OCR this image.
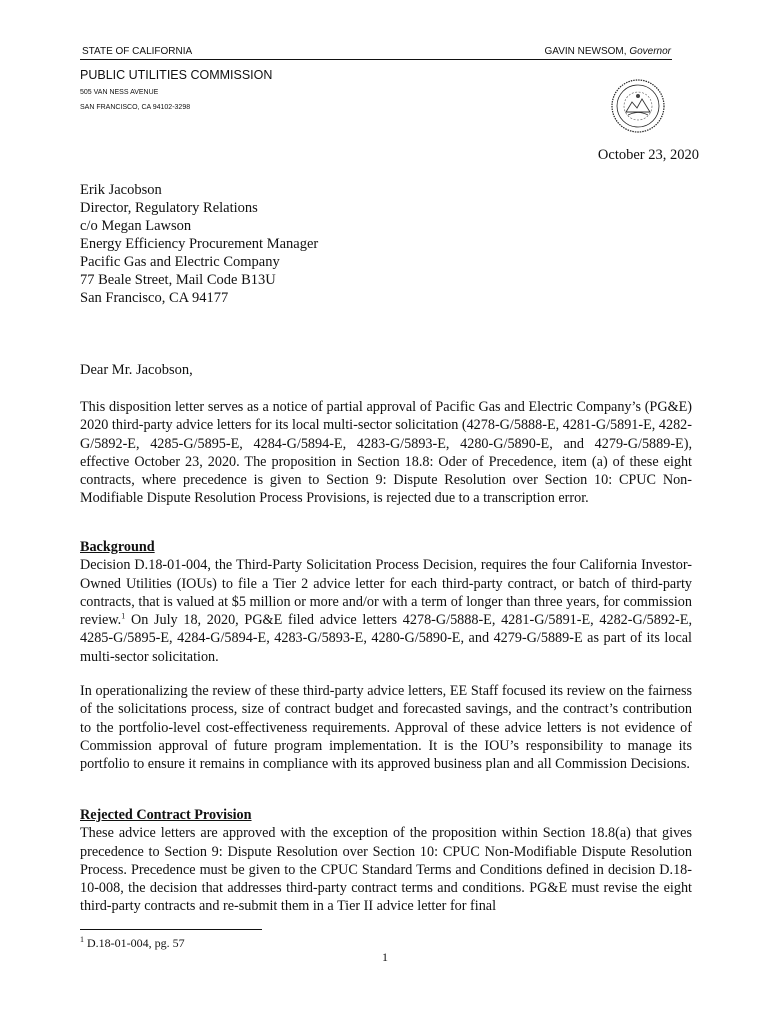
STATE OF CALIFORNIA	GAVIN NEWSOM, Governor
PUBLIC UTILITIES COMMISSION
505 VAN NESS AVENUE
SAN FRANCISCO, CA 94102-3298
October 23, 2020
Erik Jacobson
Director, Regulatory Relations
c/o Megan Lawson
Energy Efficiency Procurement Manager
Pacific Gas and Electric Company
77 Beale Street, Mail Code B13U
San Francisco, CA 94177
Dear Mr. Jacobson,
This disposition letter serves as a notice of partial approval of Pacific Gas and Electric Company’s (PG&E) 2020 third-party advice letters for its local multi-sector solicitation (4278-G/5888-E, 4281-G/5891-E, 4282-G/5892-E, 4285-G/5895-E, 4284-G/5894-E, 4283-G/5893-E, 4280-G/5890-E, and 4279-G/5889-E), effective October 23, 2020. The proposition in Section 18.8: Oder of Precedence, item (a) of these eight contracts, where precedence is given to Section 9: Dispute Resolution over Section 10: CPUC Non-Modifiable Dispute Resolution Process Provisions, is rejected due to a transcription error.
Background
Decision D.18-01-004, the Third-Party Solicitation Process Decision, requires the four California Investor-Owned Utilities (IOUs) to file a Tier 2 advice letter for each third-party contract, or batch of third-party contracts, that is valued at $5 million or more and/or with a term of longer than three years, for commission review.$^1$ On July 18, 2020, PG&E filed advice letters 4278-G/5888-E, 4281-G/5891-E, 4282-G/5892-E, 4285-G/5895-E, 4284-G/5894-E, 4283-G/5893-E, 4280-G/5890-E, and 4279-G/5889-E as part of its local multi-sector solicitation.
In operationalizing the review of these third-party advice letters, EE Staff focused its review on the fairness of the solicitations process, size of contract budget and forecasted savings, and the contract’s contribution to the portfolio-level cost-effectiveness requirements. Approval of these advice letters is not evidence of Commission approval of future program implementation. It is the IOU’s responsibility to manage its portfolio to ensure it remains in compliance with its approved business plan and all Commission Decisions.
Rejected Contract Provision
These advice letters are approved with the exception of the proposition within Section 18.8(a) that gives precedence to Section 9: Dispute Resolution over Section 10: CPUC Non-Modifiable Dispute Resolution Process. Precedence must be given to the CPUC Standard Terms and Conditions defined in decision D.18-10-008, the decision that addresses third-party contract terms and conditions. PG&E must revise the eight third-party contracts and re-submit them in a Tier II advice letter for final
$^1$ D.18-01-004, pg. 57
1
